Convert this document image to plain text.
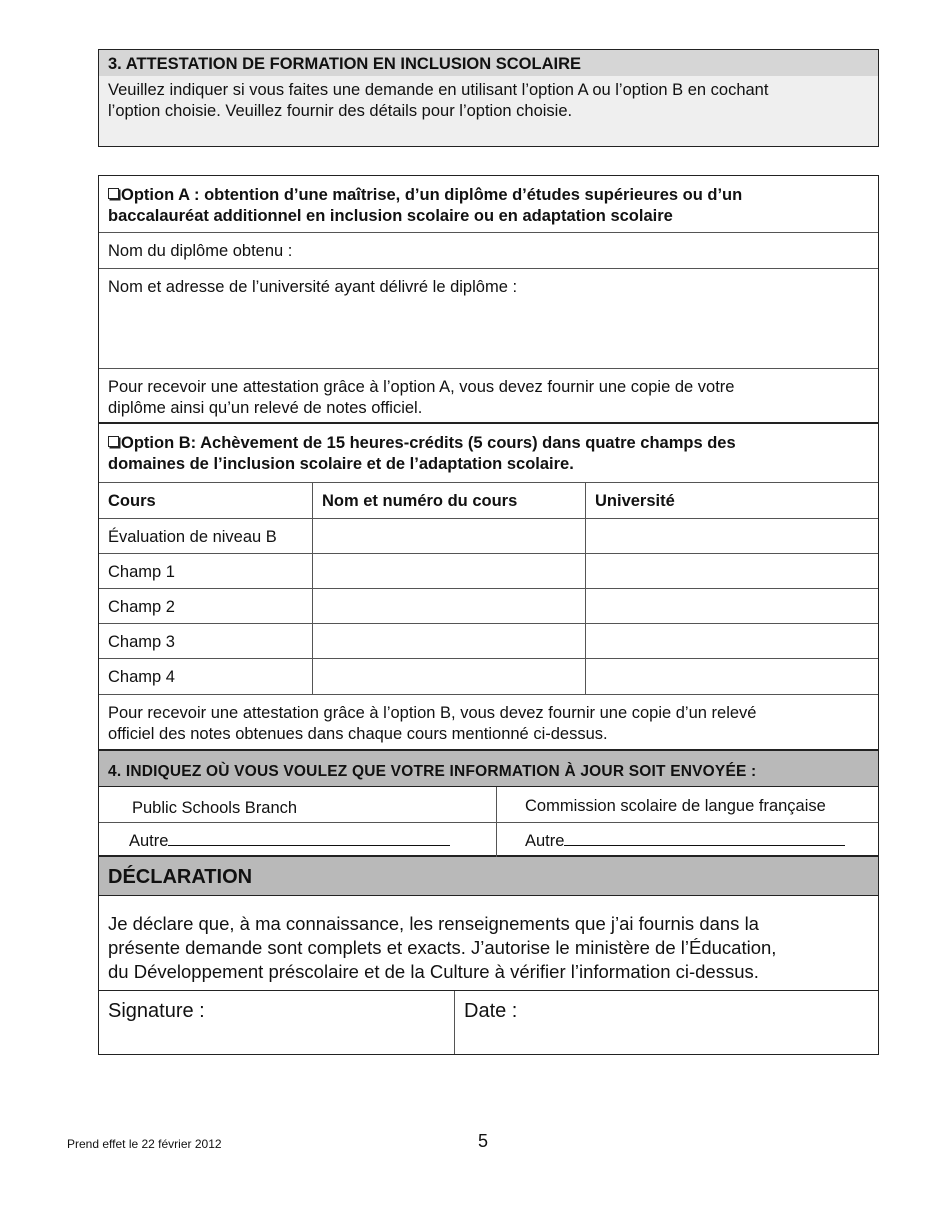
3. ATTESTATION DE FORMATION EN INCLUSION SCOLAIRE
Veuillez indiquer si vous faites une demande en utilisant l’option A ou l’option B en cochant
l’option choisie. Veuillez fournir des détails pour l’option choisie.
Option A : obtention d’une maîtrise, d’un diplôme d’études supérieures ou d’un
baccalauréat additionnel en inclusion scolaire ou en adaptation scolaire
Nom du diplôme obtenu :
Nom et adresse de l’université ayant délivré le diplôme :
Pour recevoir une attestation grâce à l’option A, vous devez fournir une copie de votre
diplôme ainsi qu’un relevé de notes officiel.
Option B: Achèvement de 15 heures-crédits (5 cours) dans quatre champs des
domaines de l’inclusion scolaire et de l’adaptation scolaire.
Cours	Nom et numéro du cours	Université
Évaluation de niveau B
Champ 1
Champ 2
Champ 3
Champ 4
Pour recevoir une attestation grâce à l’option B, vous devez fournir une copie d’un relevé
officiel des notes obtenues dans chaque cours mentionné ci-dessus.
4. INDIQUEZ OÙ VOUS VOULEZ QUE VOTRE INFORMATION À JOUR SOIT ENVOYÉE :
Public Schools Branch	Commission scolaire de langue française
Autre	Autre
DÉCLARATION
Je déclare que, à ma connaissance, les renseignements que j’ai fournis dans la
présente demande sont complets et exacts. J’autorise le ministère de l’Éducation,
du Développement préscolaire et de la Culture à vérifier l’information ci-dessus.
Signature :	Date :
Prend effet le 22 février 2012	5
